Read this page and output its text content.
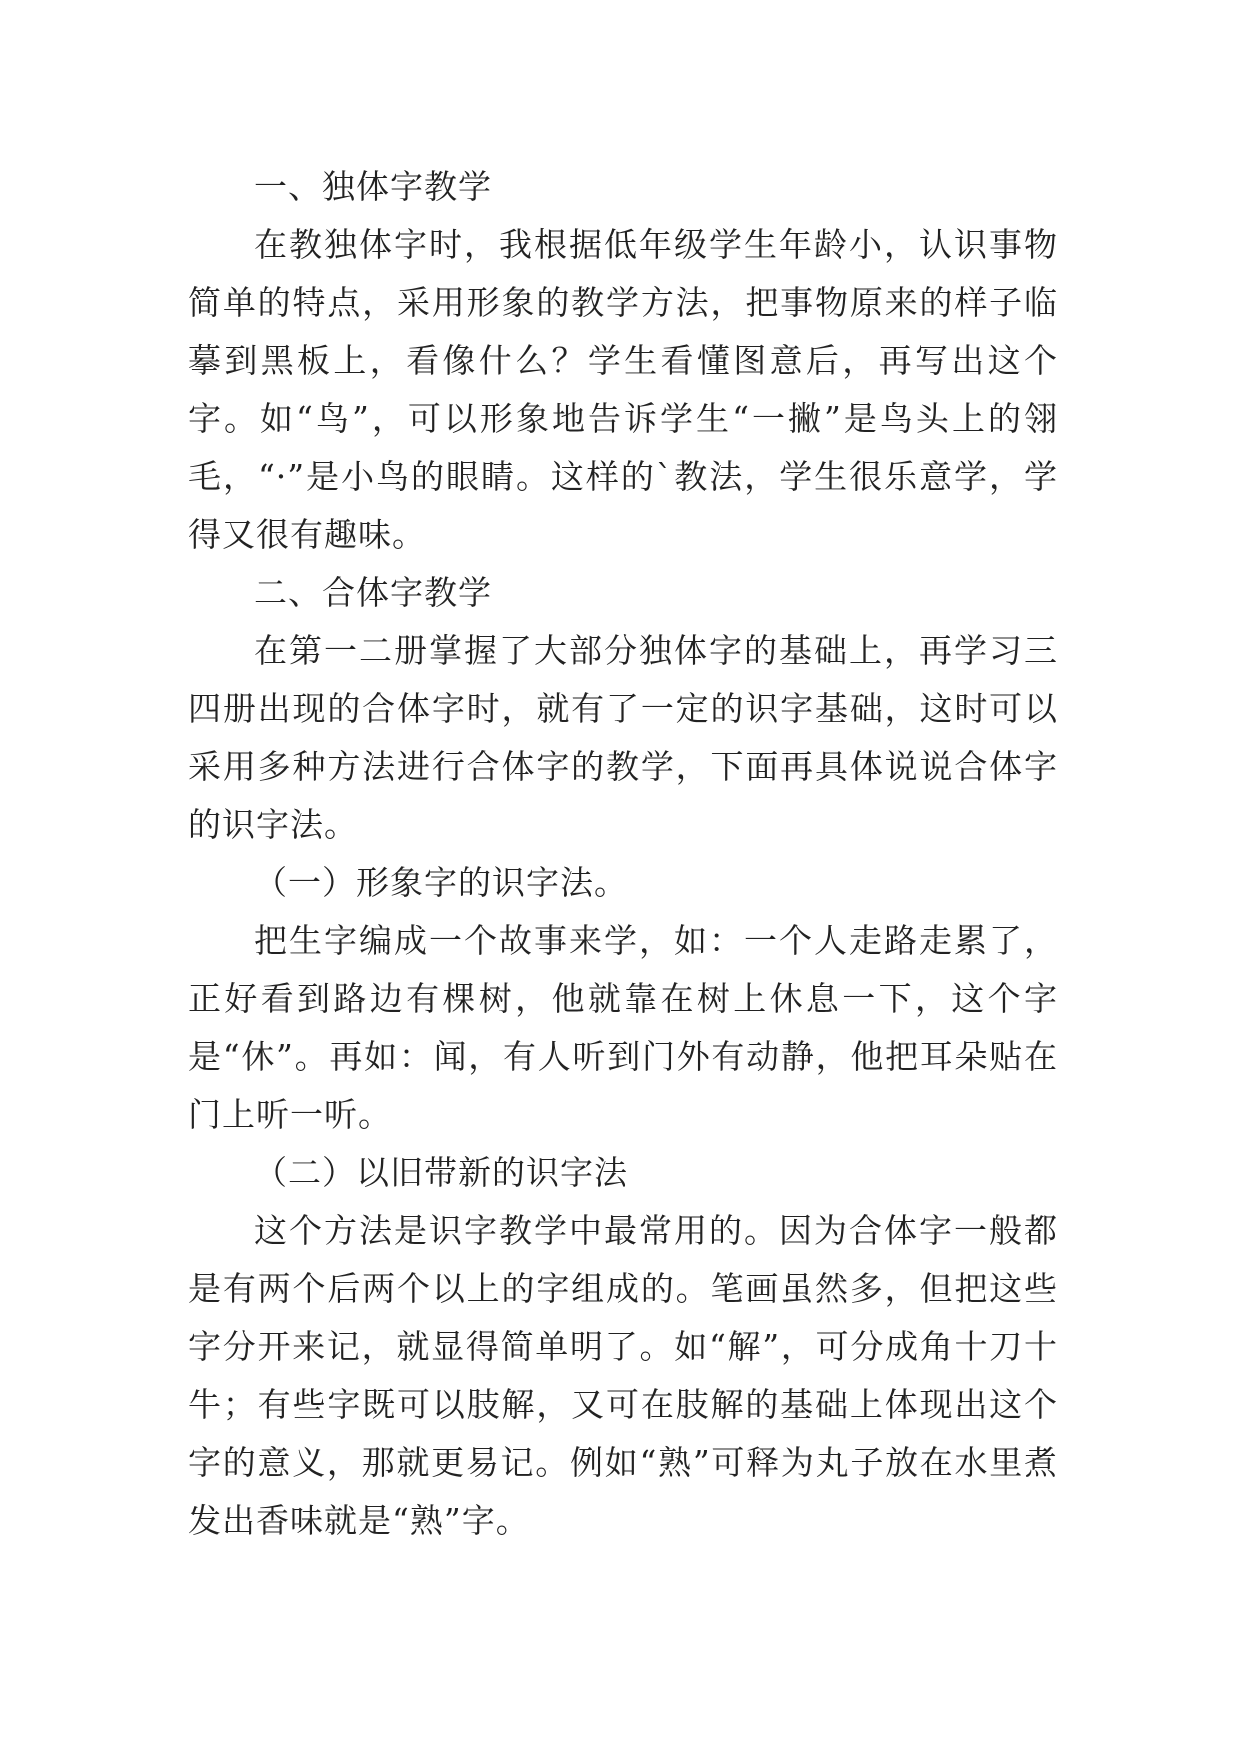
一、独体字教学

在教独体字时，我根据低年级学生年龄小，认识事物简单的特点，采用形象的教学方法，把事物原来的样子临摹到黑板上，看像什么？学生看懂图意后，再写出这个字。如“鸟”，可以形象地告诉学生“一撇”是鸟头上的翎毛，“·”是小鸟的眼睛。这样的`教法，学生很乐意学，学得又很有趣味。

二、合体字教学

在第一二册掌握了大部分独体字的基础上，再学习三四册出现的合体字时，就有了一定的识字基础，这时可以采用多种方法进行合体字的教学，下面再具体说说合体字的识字法。

（一）形象字的识字法。

把生字编成一个故事来学，如：一个人走路走累了，正好看到路边有棵树，他就靠在树上休息一下，这个字是“休”。再如：闻，有人听到门外有动静，他把耳朵贴在门上听一听。

（二）以旧带新的识字法

这个方法是识字教学中最常用的。因为合体字一般都是有两个后两个以上的字组成的。笔画虽然多，但把这些字分开来记，就显得简单明了。如“解”，可分成角十刀十牛；有些字既可以肢解，又可在肢解的基础上体现出这个字的意义，那就更易记。例如“熟”可释为丸子放在水里煮发出香味就是“熟”字。
